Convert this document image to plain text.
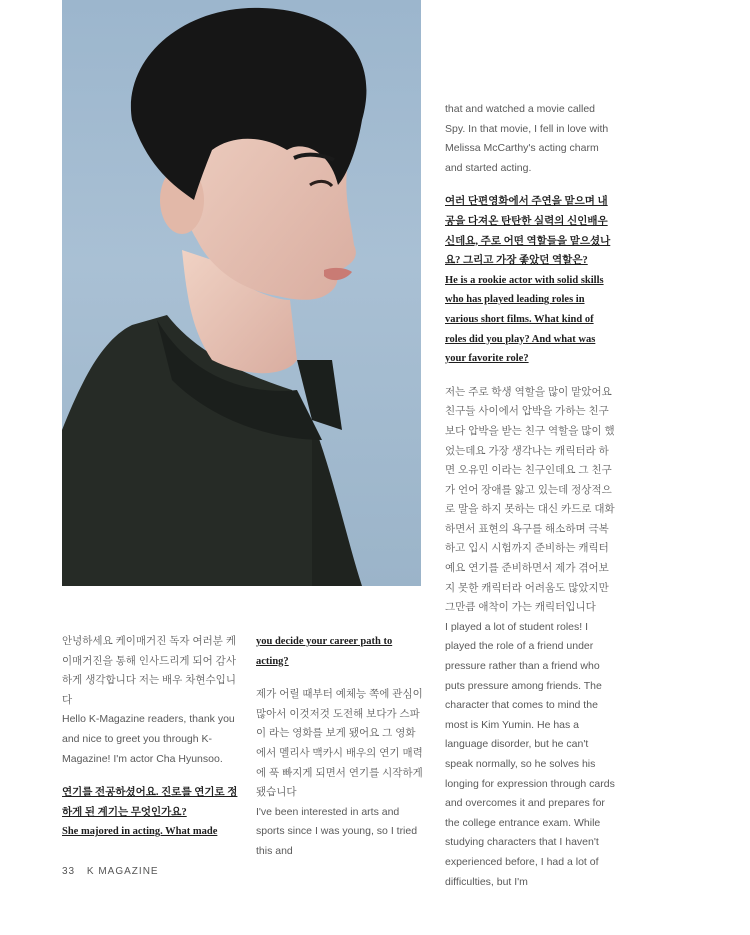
안녕하세요 케이매거진 독자 여러분 케이매거진을 통해 인사드리게 되어 감사하게 생각합니다 저는 배우 차현수입니다

Hello K-Magazine readers, thank you and nice to greet you through K-Magazine! I'm actor Cha Hyunsoo.

연기를 전공하셨어요. 진로를 연기로 정하게 된 계기는 무엇인가요?

She majored in acting. What made

you decide your career path to acting?

제가 어릴 때부터 예체능 쪽에 관심이 많아서 이것저것 도전해 보다가 스파이 라는 영화를 보게 됐어요 그 영화에서 멜리사 맥카시 배우의 연기 매력에 푹 빠지게 되면서 연기를 시작하게 됐습니다

I've been interested in arts and sports since I was young, so I tried this and

that and watched a movie called Spy. In that movie, I fell in love with Melissa McCarthy's acting charm and started acting.

여러 단편영화에서 주연을 맡으며 내공을 다져온 탄탄한 실력의 신인배우신데요, 주로 어떤 역할들을 맡으셨나요? 그리고 가장 좋았던 역할은?

He is a rookie actor with solid skills who has played leading roles in various short films. What kind of roles did you play? And what was your favorite role?

저는 주로 학생 역할을 많이 맡았어요 친구들 사이에서 압박을 가하는 친구보다 압박을 받는 친구 역할을 많이 했었는데요 가장 생각나는 캐릭터라 하면 오유민 이라는 친구인데요 그 친구가 언어 장애를 앓고 있는데 정상적으로 말을 하지 못하는 대신 카드로 대화하면서 표현의 욕구를 해소하며 극복하고 입시 시험까지 준비하는 캐릭터예요 연기를 준비하면서 제가 겪어보지 못한 캐릭터라 어려움도 많았지만 그만큼 애착이 가는 캐릭터입니다

I played a lot of student roles! I played the role of a friend under pressure rather than a friend who puts pressure among friends. The character that comes to mind the most is Kim Yumin. He has a language disorder, but he can't speak normally, so he solves his longing for expression through cards and overcomes it and prepares for the college entrance exam. While studying characters that I haven't experienced before, I had a lot of difficulties, but I'm

33 K MAGAZINE
